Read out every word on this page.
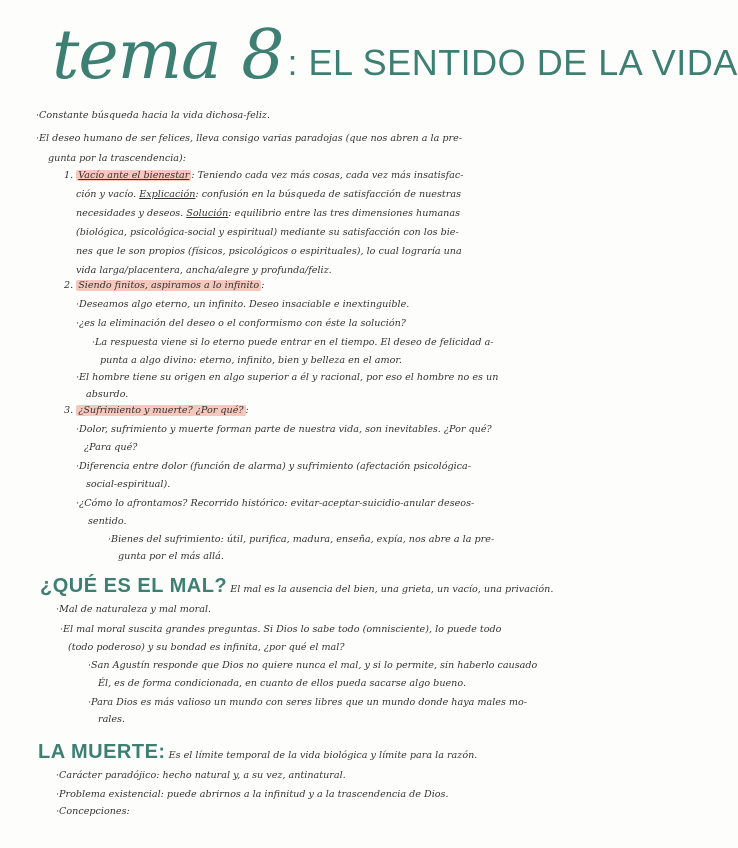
tema 8 : EL SENTIDO DE LA VIDA
·Constante búsqueda hacia la vida dichosa-feliz.
·El deseo humano de ser felices, lleva consigo varias paradojas (que nos abren a la pre-
gunta por la trascendencia):
1. Vacío ante el bienestar : Teniendo cada vez más cosas, cada vez más insatisfac-
ción y vacío. Explicación: confusión en la búsqueda de satisfacción de nuestras
necesidades y deseos. Solución: equilibrio entre las tres dimensiones humanas
(biológica, psicológica-social y espiritual) mediante su satisfacción con los bie-
nes que le son propios (físicos, psicológicos o espirituales), lo cual lograría una
vida larga/placentera, ancha/alegre y profunda/feliz.
2. Siendo finitos, aspiramos a lo infinito :
·Deseamos algo eterno, un infinito. Deseo insaciable e inextinguible.
·¿es la eliminación del deseo o el conformismo con éste la solución?
·La respuesta viene si lo eterno puede entrar en el tiempo. El deseo de felicidad a-
punta a algo divino: eterno, infinito, bien y belleza en el amor.
·El hombre tiene su origen en algo superior a él y racional, por eso el hombre no es un
absurdo.
3. ¿Sufrimiento y muerte? ¿Por qué? :
·Dolor, sufrimiento y muerte forman parte de nuestra vida, son inevitables. ¿Por qué?
¿Para qué?
·Diferencia entre dolor (función de alarma) y sufrimiento (afectación psicológica-
social-espiritual).
·¿Cómo lo afrontamos? Recorrido histórico: evitar-aceptar-suicidio-anular deseos-
sentido.
·Bienes del sufrimiento: útil, purifica, madura, enseña, expía, nos abre a la pre-
gunta por el más allá.
¿QUÉ ES EL MAL? El mal es la ausencia del bien, una grieta, un vacío, una privación.
·Mal de naturaleza y mal moral.
·El mal moral suscita grandes preguntas. Si Dios lo sabe todo (omnisciente), lo puede todo
(todo poderoso) y su bondad es infinita, ¿por qué el mal?
·San Agustín responde que Dios no quiere nunca el mal, y si lo permite, sin haberlo causado
Él, es de forma condicionada, en cuanto de ellos pueda sacarse algo bueno.
·Para Dios es más valioso un mundo con seres libres que un mundo donde haya males mo-
rales.
LA MUERTE: Es el límite temporal de la vida biológica y límite para la razón.
·Carácter paradójico: hecho natural y, a su vez, antinatural.
·Problema existencial: puede abrirnos a la infinitud y a la trascendencia de Dios.
·Concepciones:
